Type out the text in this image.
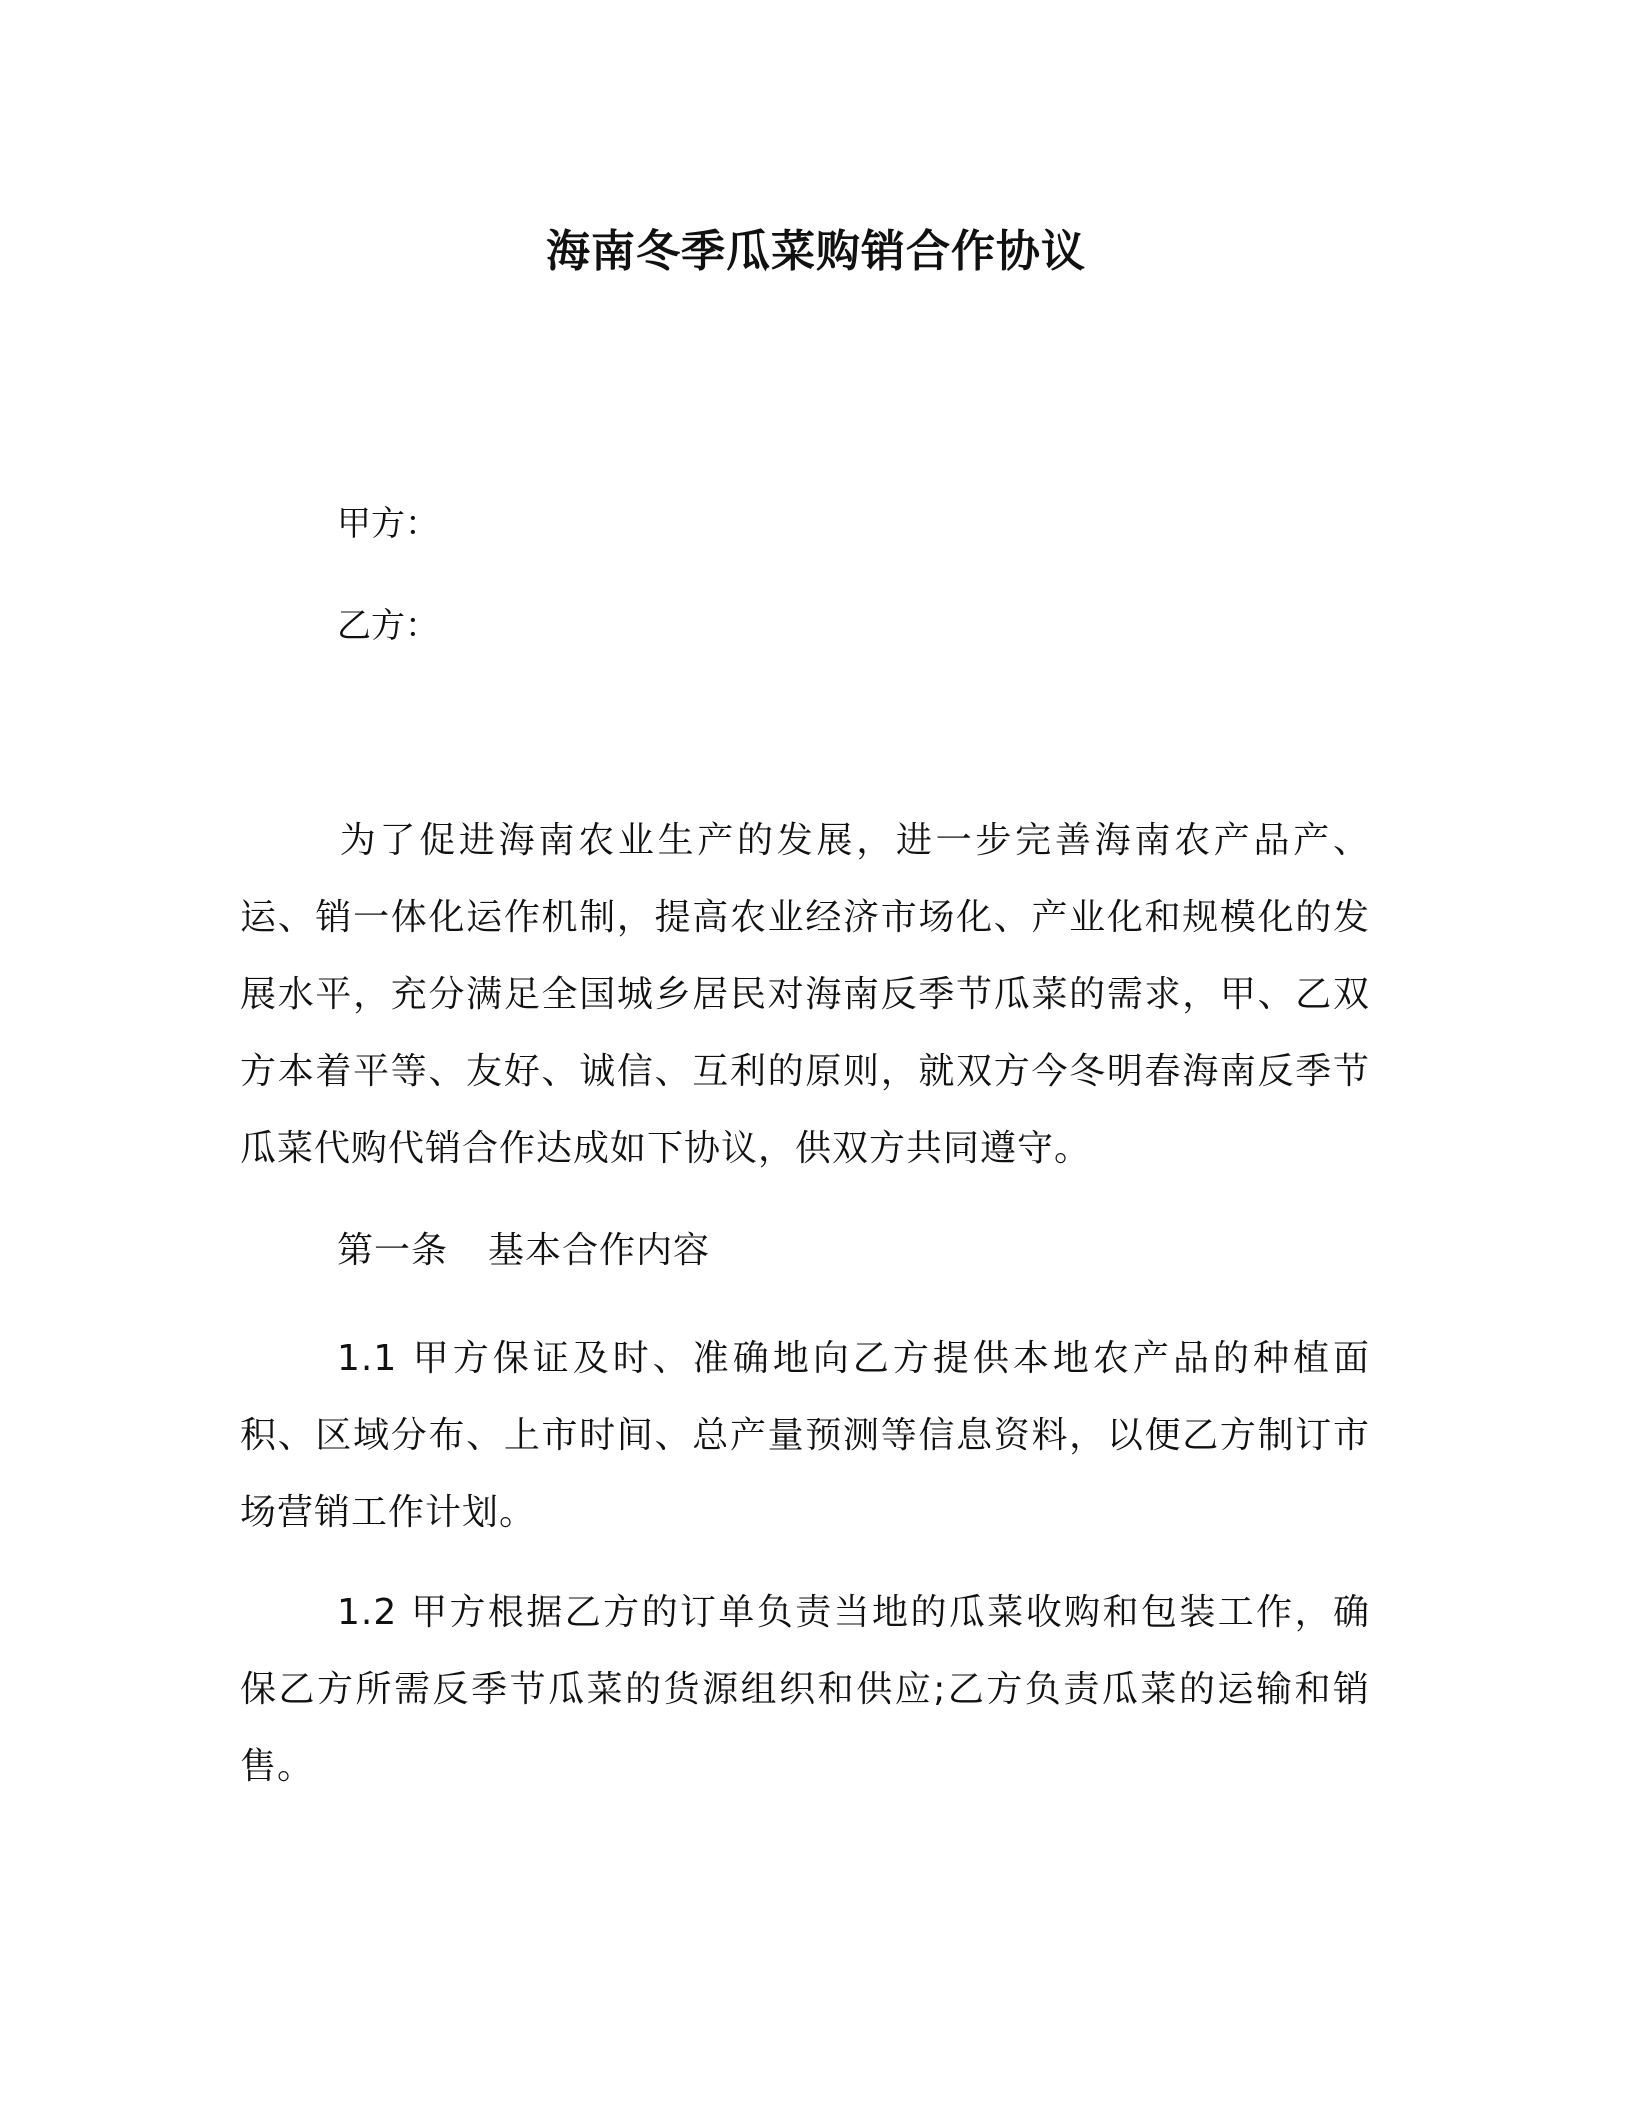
海南冬季瓜菜购销合作协议
甲方：
乙方：
为了促进海南农业生产的发展，进一步完善海南农产品产、运、销一体化运作机制，提高农业经济市场化、产业化和规模化的发展水平，充分满足全国城乡居民对海南反季节瓜菜的需求，甲、乙双方本着平等、友好、诚信、互利的原则，就双方今冬明春海南反季节瓜菜代购代销合作达成如下协议，供双方共同遵守。
第一条 基本合作内容
1.1 甲方保证及时、准确地向乙方提供本地农产品的种植面积、区域分布、上市时间、总产量预测等信息资料，以便乙方制订市场营销工作计划。
1.2 甲方根据乙方的订单负责当地的瓜菜收购和包装工作，确保乙方所需反季节瓜菜的货源组织和供应;乙方负责瓜菜的运输和销售。
